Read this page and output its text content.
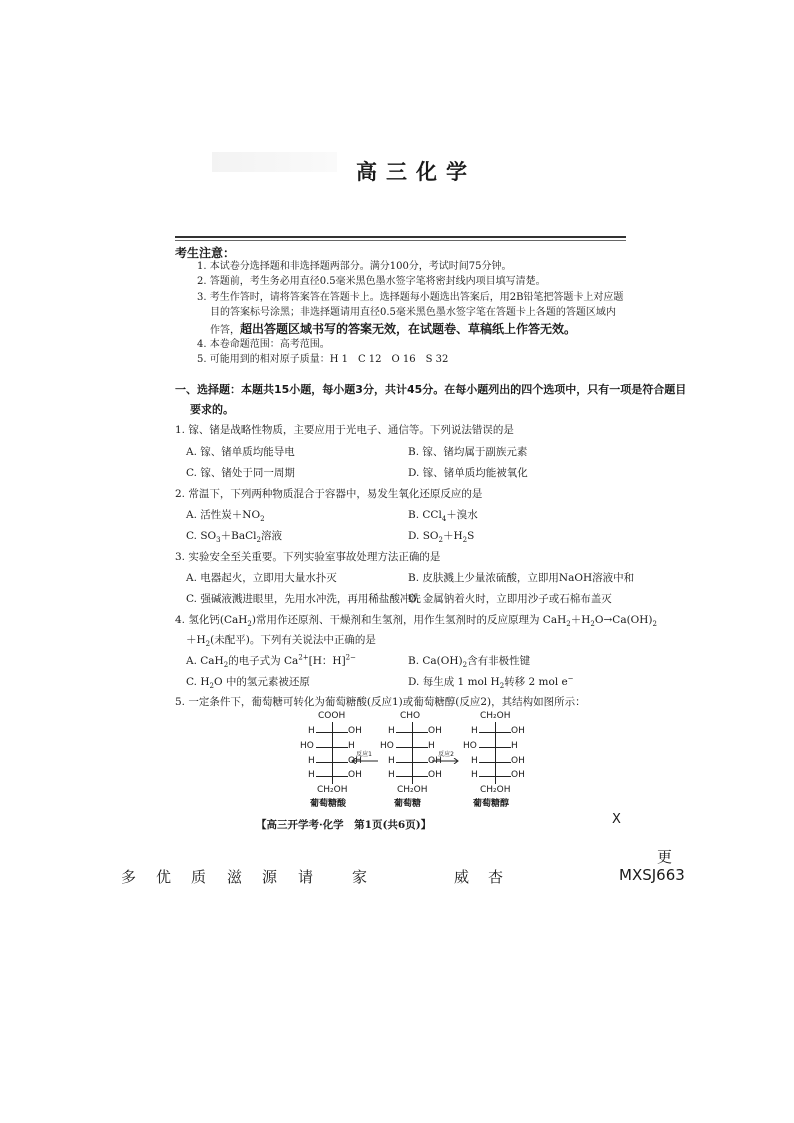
高三化学
考生注意：
1. 本试卷分选择题和非选择题两部分。满分100分，考试时间75分钟。
2. 答题前，考生务必用直径0.5毫米黑色墨水签字笔将密封线内项目填写清楚。
3. 考生作答时，请将答案答在答题卡上。选择题每小题选出答案后，用2B铅笔把答题卡上对应题
目的答案标号涂黑；非选择题请用直径0.5毫米黑色墨水签字笔在答题卡上各题的答题区域内
作答，超出答题区域书写的答案无效，在试题卷、草稿纸上作答无效。
4. 本卷命题范围：高考范围。
5. 可能用到的相对原子质量：H 1　C 12　O 16　S 32
一、选择题：本题共15小题，每小题3分，共计45分。在每小题列出的四个选项中，只有一项是符合题目
要求的。
1. 镓、锗是战略性物质，主要应用于光电子、通信等。下列说法错误的是
A. 镓、锗单质均能导电	B. 镓、锗均属于副族元素
C. 镓、锗处于同一周期	D. 镓、锗单质均能被氧化
2. 常温下，下列两种物质混合于容器中，易发生氧化还原反应的是
A. 活性炭$+NO_2$	B. CCl$_4$＋溴水
C. $SO_3+BaCl_2$溶液	D. $SO_2+H_2S$
3. 实验安全至关重要。下列实验室事故处理方法正确的是
A. 电器起火，立即用大量水扑灭	B. 皮肤溅上少量浓硫酸，立即用NaOH溶液中和
C. 强碱液溅进眼里，先用水冲洗，再用稀盐酸冲洗
D. 金属钠着火时，立即用沙子或石棉布盖灭
4. 氢化钙(CaH$_2$)常用作还原剂、干燥剂和生氢剂，用作生氢剂时的反应原理为 $CaH_2+H_2O\to Ca(OH)_2$
$+H_2$(未配平)。下列有关说法中正确的是
A. CaH$_2$的电子式为 $Ca^{2+}[H$：H]$^{2-}$	B. $Ca(OH)_2$含有非极性键
C. $H_2O$ 中的氢元素被还原	D. 每生成 1 mol $H_2$转移 2 mol e−
5. 一定条件下，葡萄糖可转化为葡萄糖酸(反应1)或葡萄糖醇(反应2)，其结构如图所示：
COOH
H	OH
HO	H
H	OH
H	OH
CH₂OH
葡萄糖酸
反应1
CHO
H	OH
HO	H
H	OH
H	OH
CH₂OH
葡萄糖
反应2
CH₂OH
H	OH
HO	H
H	OH
H	OH
CH₂OH
葡萄糖醇
【高三开学考·化学　第1页(共6页)】	X
更
多 优 质 滋 源 请	家	威 杏	MXSJ663
